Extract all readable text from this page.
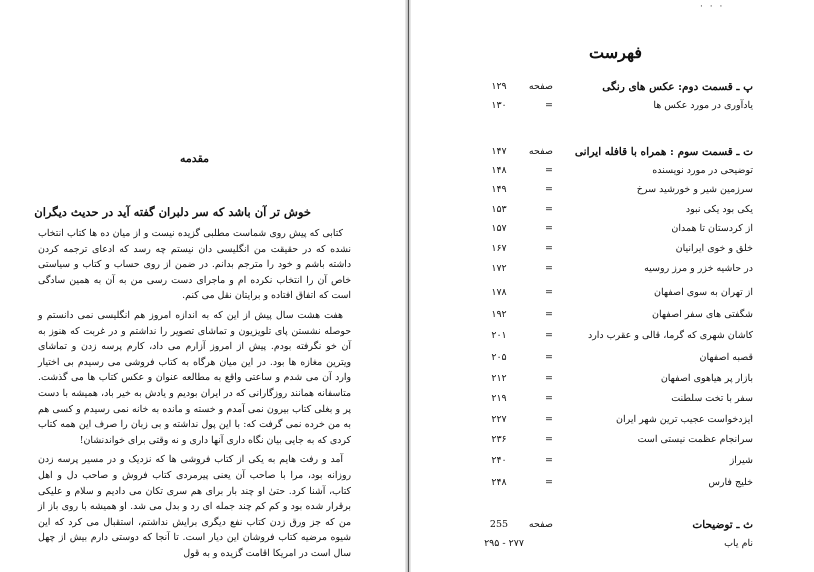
· · ·
مقدمه
خوش تر آن باشد که سر دلبران گفته آید در حدیث دیگران

کتابی که پیش روی شماست مطلبی گزیده نیست و از میان ده ها کتاب انتخاب نشده که در حقیقت من انگلیسی دان نیستم چه رسد که ادعای ترجمه کردن داشته باشم و خود را مترجم بدانم. در ضمن از روی حساب و کتاب و سیاستی خاص آن را انتخاب نکرده ام و ماجرای دست رسی من به آن به همین سادگی است که اتفاق افتاده و برایتان نقل می کنم.

هفت هشت سال پیش از این که به اندازه امروز هم انگلیسی نمی دانستم و حوصله نشستن پای تلویزیون و تماشای تصویر را نداشتم و در غربت که هنوز به آن خو نگرفته بودم. پیش از امروز آزارم می داد، کارم پرسه زدن و تماشای ویترین مغازه ها بود. در این میان هرگاه به کتاب فروشی می رسیدم بی اختیار وارد آن می شدم و ساعتی واقع به مطالعه عنوان و عکس کتاب ها می گذشت. متاسفانه همانند روزگارانی که در ایران بودیم و یادش به خیر باد، همیشه با دست پر و بغلی کتاب بیرون نمی آمدم و خسته و مانده به خانه نمی رسیدم و کسی هم به من خرده نمی گرفت که: با این پول نداشته و بی زبان را صرف این همه کتاب کردی که به جایی بیان نگاه داری آنها داری و نه وقتی برای خواندنشان!

آمد و رفت هایم به یکی از کتاب فروشی ها که نزدیک و در مسیر پرسه زدن روزانه بود، مرا با صاحب آن یعنی پیرمردی کتاب فروش و صاحب دل و اهل کتاب، آشنا کرد. حتیٰ او چند بار برای هم سری تکان می دادیم و سلام و علیکی برقرار شده بود و کم کم چند جمله ای رد و بدل می شد. او همیشه با روی باز از من که جز ورق زدن کتاب نفع دیگری برایش نداشتم، استقبال می کرد که این شیوه مرضیه کتاب فروشان این دیار است. تا آنجا که دوستی دارم بیش از چهل سال است در امریکا اقامت گزیده و به قول

فهرست
پ ـ قسمت دوم: عکس های رنگی
صفحه
۱۲۹
یادآوری در مورد عکس ها
=
۱۳۰
ت ـ قسمت سوم : همراه با قافله ایرانی
صفحه
۱۴۷
توضیحی در مورد نویسنده
=
۱۴۸
سرزمین شیر و خورشید سرخ
=
۱۴۹
یکی بود یکی نبود
=
۱۵۳
از کردستان تا همدان
=
۱۵۷
خلق و خوی ایرانیان
=
۱۶۷
در حاشیه خزر و مرز روسیه
=
۱۷۲
از تهران به سوی اصفهان
=
۱۷۸
شگفتی های سفر اصفهان
=
۱۹۲
کاشان شهری که گرما، قالی و عقرب دارد
=
۲۰۱
قصبه اصفهان
=
۲۰۵
بازار پر هیاهوی اصفهان
=
۲۱۲
سفر با تخت سلطنت
=
۲۱۹
ایزدخواست عجیب ترین شهر ایران
=
۲۲۷
سرانجام عظمت نیستی است
=
۲۳۶
شیراز
=
۲۴۰
خلیج فارس
=
۲۴۸
ث ـ توضیحات
صفحه
255
نام یاب
۲۷۷ - ۲۹۵
